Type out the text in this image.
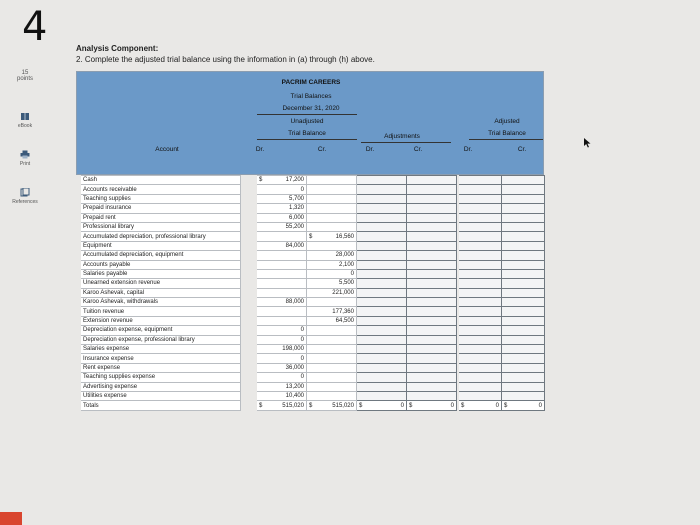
4	Analysis Component:
2. Complete the adjusted trial balance using the information in (a) through (h) above.
15
points
eBook
Print
References
PACRIM CAREERS
Trial Balances
December 31, 2020
Unadjusted
Trial Balance
Adjusted
Adjustments	Trial Balance
Account	Dr.	Cr.	Dr.	Cr.	Dr.	Cr.
	Cash		$ 17,200	

	Accounts receivable		0	

	Teaching supplies		5,700	

	Prepaid insurance		1,320	

	Prepaid rent		6,000	

	Professional library		55,200	

	Accumulated depreciation, professional library			$ 16,560					
	Equipment		84,000	

	Accumulated depreciation, equipment			28,000					
	Accounts payable			2,100					
	Salaries payable			0					
	Unearned extension revenue			5,500					
	Karoo Ashevak, capital			221,000					
	Karoo Ashevak, withdrawals		88,000	

	Tuition revenue			177,360					
	Extension revenue			64,500					
	Depreciation expense, equipment		0	

	Depreciation expense, professional library		0	

	Salaries expense		198,000	

	Insurance expense		0	

	Rent expense		36,000	

	Teaching supplies expense		0	

	Advertising expense		13,200	

	Utilities expense		10,400	

	Totals		$ 515,020	$ 515,020	$ 0	$ 0		$ 0	$ 0
